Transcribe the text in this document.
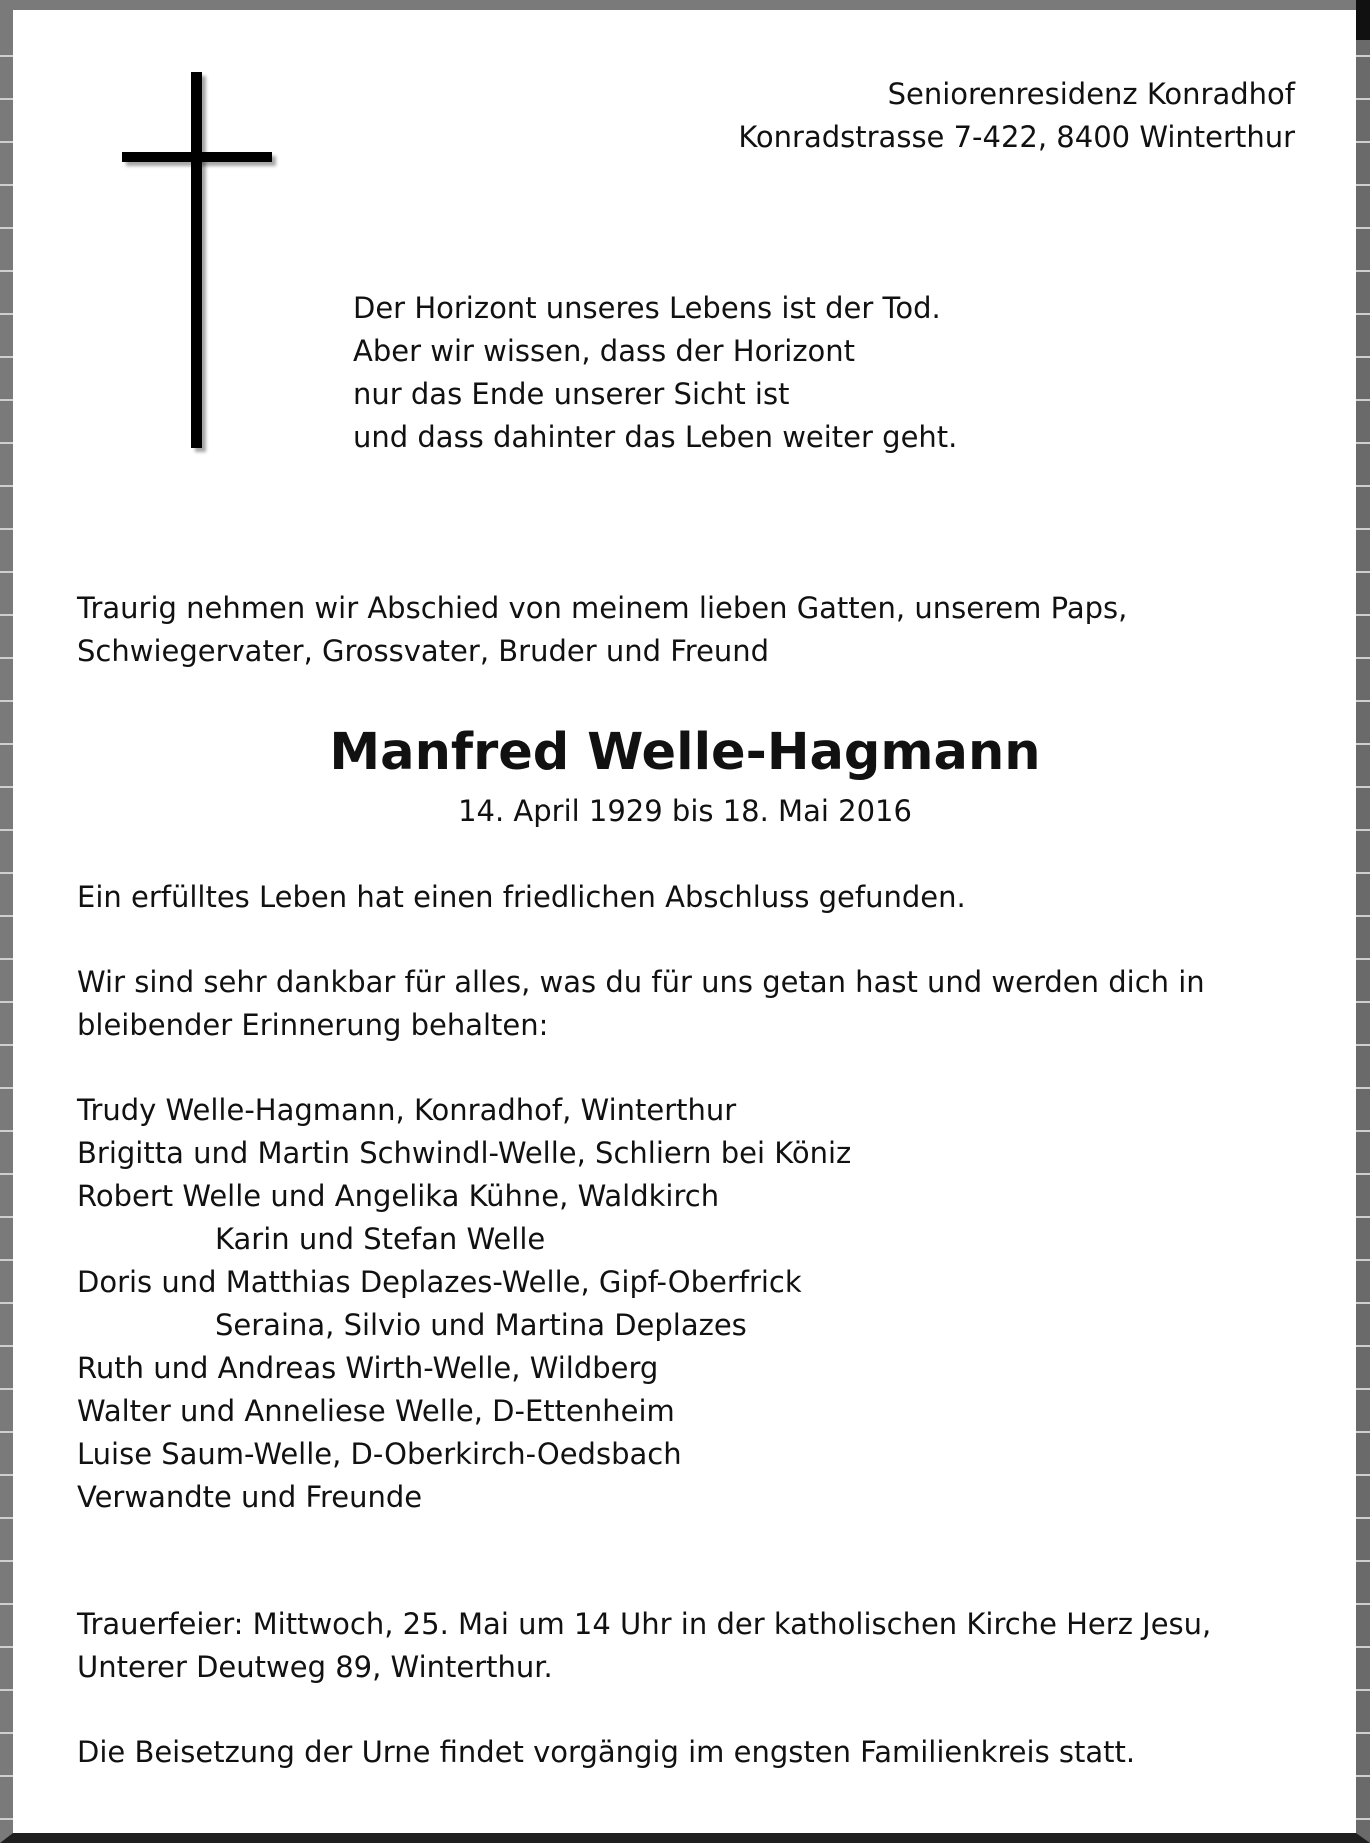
Seniorenresidenz Konradhof
Konradstrasse 7-422, 8400 Winterthur
Der Horizont unseres Lebens ist der Tod.
Aber wir wissen, dass der Horizont
nur das Ende unserer Sicht ist
und dass dahinter das Leben weiter geht.
Traurig nehmen wir Abschied von meinem lieben Gatten, unserem Paps,
Schwiegervater, Grossvater, Bruder und Freund
Manfred Welle-Hagmann
14. April 1929 bis 18. Mai 2016
Ein erfülltes Leben hat einen friedlichen Abschluss gefunden.
Wir sind sehr dankbar für alles, was du für uns getan hast und werden dich in
bleibender Erinnerung behalten:
Trudy Welle-Hagmann, Konradhof, Winterthur
Brigitta und Martin Schwindl-Welle, Schliern bei Köniz
Robert Welle und Angelika Kühne, Waldkirch
Karin und Stefan Welle
Doris und Matthias Deplazes-Welle, Gipf-Oberfrick
Seraina, Silvio und Martina Deplazes
Ruth und Andreas Wirth-Welle, Wildberg
Walter und Anneliese Welle, D-Ettenheim
Luise Saum-Welle, D-Oberkirch-Oedsbach
Verwandte und Freunde
Trauerfeier: Mittwoch, 25. Mai um 14 Uhr in der katholischen Kirche Herz Jesu,
Unterer Deutweg 89, Winterthur.
Die Beisetzung der Urne findet vorgängig im engsten Familienkreis statt.
